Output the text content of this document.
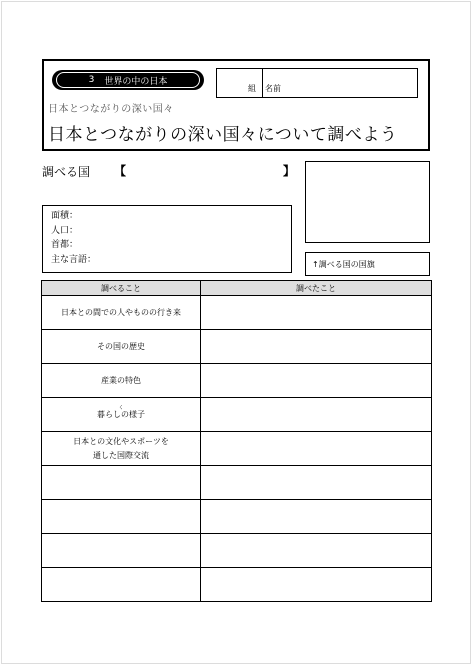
3 世界の中の日本
組 名前
日本とつながりの深い国々
日本とつながりの深い国々について調べよう
調べる国 【	】
↑調べる国の国旗
面積：
人口：
首都：
主な言語：
調べること	調べたこと
日本との間での人やものの行き来	
その国の歴史	
産業の特色	

く
暮らしの様子	

日本との文化やスポーツを
通した国際交流	
